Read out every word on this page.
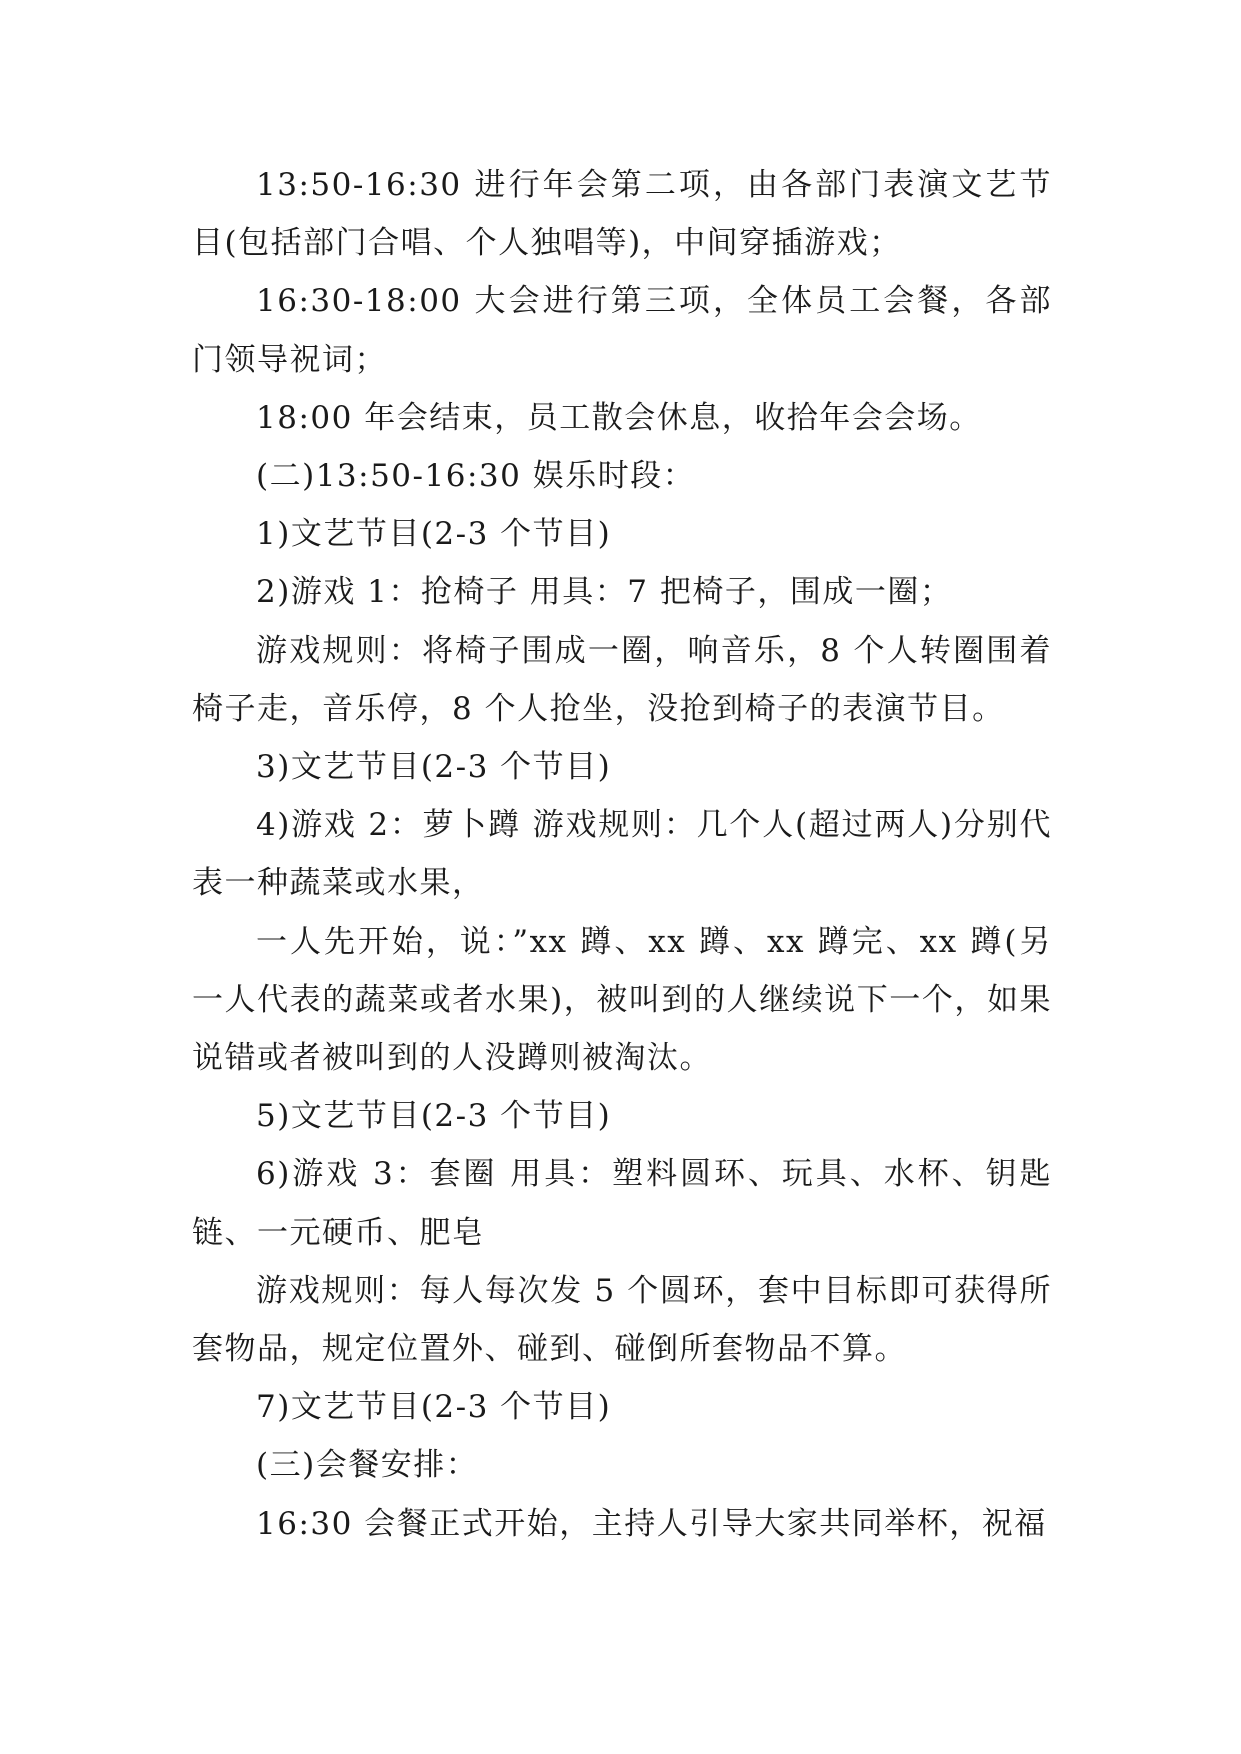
13:50-16:30 进行年会第二项，由各部门表演文艺节目(包括部门合唱、个人独唱等)，中间穿插游戏；

16:30-18:00 大会进行第三项，全体员工会餐，各部门领导祝词；

18:00 年会结束，员工散会休息，收拾年会会场。

(二)13:50-16:30 娱乐时段：

1)文艺节目(2-3 个节目)

2)游戏 1：抢椅子 用具：7 把椅子，围成一圈；

游戏规则：将椅子围成一圈，响音乐，8 个人转圈围着椅子走，音乐停，8 个人抢坐，没抢到椅子的表演节目。

3)文艺节目(2-3 个节目)

4)游戏 2：萝卜蹲 游戏规则：几个人(超过两人)分别代表一种蔬菜或水果，

一人先开始，说：”xx 蹲、xx 蹲、xx 蹲完、xx 蹲(另一人代表的蔬菜或者水果)，被叫到的人继续说下一个，如果说错或者被叫到的人没蹲则被淘汰。

5)文艺节目(2-3 个节目)

6)游戏 3：套圈 用具：塑料圆环、玩具、水杯、钥匙链、一元硬币、肥皂

游戏规则：每人每次发 5 个圆环，套中目标即可获得所套物品，规定位置外、碰到、碰倒所套物品不算。

7)文艺节目(2-3 个节目)

(三)会餐安排：

16:30 会餐正式开始，主持人引导大家共同举杯，祝福
